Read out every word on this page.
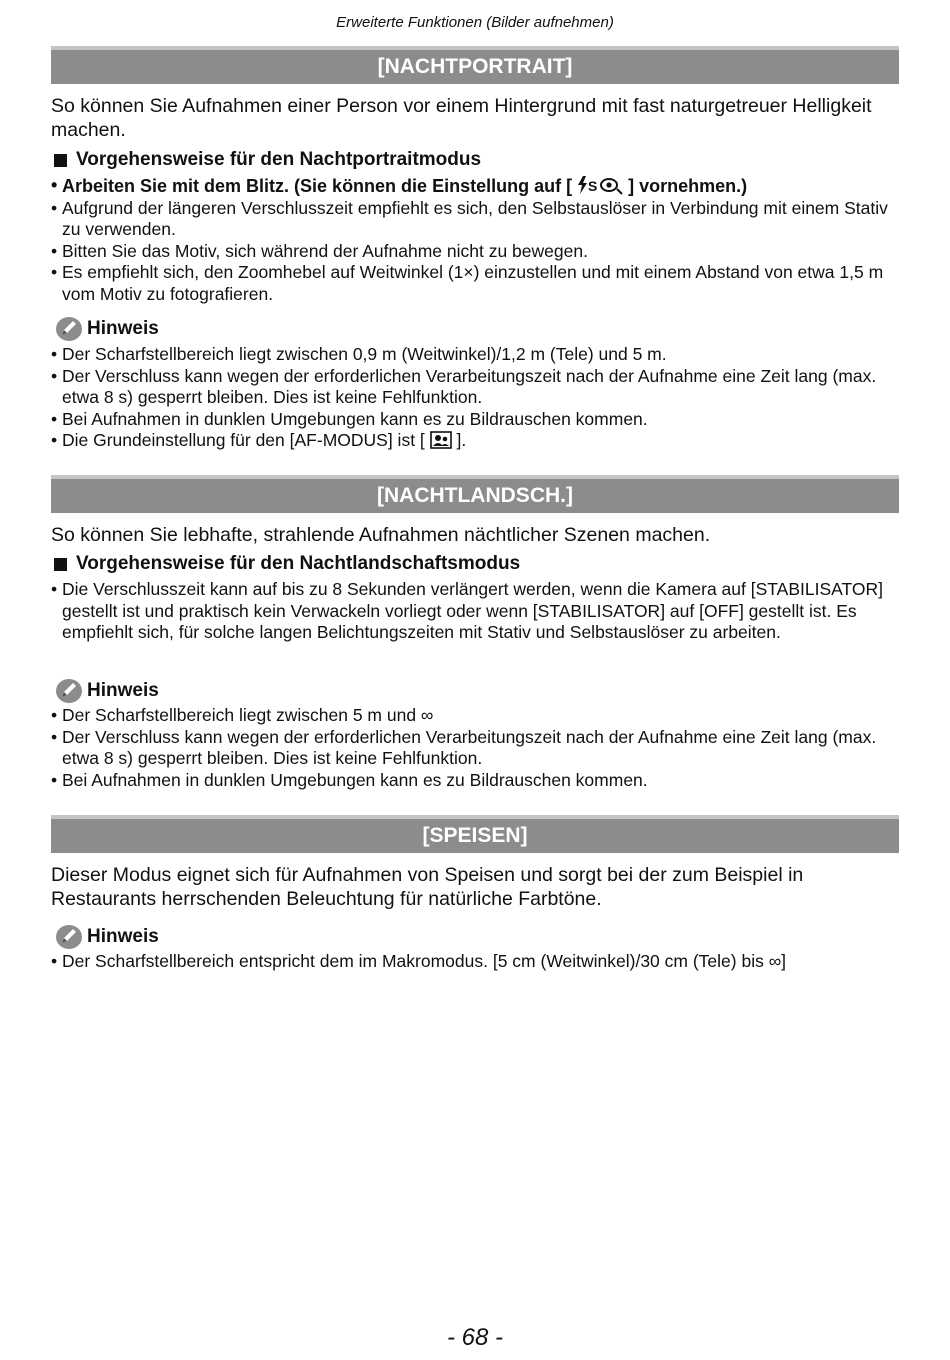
Erweiterte Funktionen (Bilder aufnehmen)
[NACHTPORTRAIT]
So können Sie Aufnahmen einer Person vor einem Hintergrund mit fast naturgetreuer Helligkeit machen.
Vorgehensweise für den Nachtportraitmodus
• Arbeiten Sie mit dem Blitz. (Sie können die Einstellung auf [ S ] vornehmen.)
• Aufgrund der längeren Verschlusszeit empfiehlt es sich, den Selbstauslöser in Verbindung mit einem Stativ zu verwenden.
• Bitten Sie das Motiv, sich während der Aufnahme nicht zu bewegen.
• Es empfiehlt sich, den Zoomhebel auf Weitwinkel (1×) einzustellen und mit einem Abstand von etwa 1,5 m vom Motiv zu fotografieren.
Hinweis
• Der Scharfstellbereich liegt zwischen 0,9 m (Weitwinkel)/1,2 m (Tele) und 5 m.
• Der Verschluss kann wegen der erforderlichen Verarbeitungszeit nach der Aufnahme eine Zeit lang (max. etwa 8 s) gesperrt bleiben. Dies ist keine Fehlfunktion.
• Bei Aufnahmen in dunklen Umgebungen kann es zu Bildrauschen kommen.
• Die Grundeinstellung für den [AF-MODUS] ist [ ].
[NACHTLANDSCH.]
So können Sie lebhafte, strahlende Aufnahmen nächtlicher Szenen machen.
Vorgehensweise für den Nachtlandschaftsmodus
• Die Verschlusszeit kann auf bis zu 8 Sekunden verlängert werden, wenn die Kamera auf [STABILISATOR] gestellt ist und praktisch kein Verwackeln vorliegt oder wenn [STABILISATOR] auf [OFF] gestellt ist. Es empfiehlt sich, für solche langen Belichtungszeiten mit Stativ und Selbstauslöser zu arbeiten.
Hinweis
• Der Scharfstellbereich liegt zwischen 5 m und ∞
• Der Verschluss kann wegen der erforderlichen Verarbeitungszeit nach der Aufnahme eine Zeit lang (max. etwa 8 s) gesperrt bleiben. Dies ist keine Fehlfunktion.
• Bei Aufnahmen in dunklen Umgebungen kann es zu Bildrauschen kommen.
[SPEISEN]
Dieser Modus eignet sich für Aufnahmen von Speisen und sorgt bei der zum Beispiel in Restaurants herrschenden Beleuchtung für natürliche Farbtöne.
Hinweis
• Der Scharfstellbereich entspricht dem im Makromodus. [5 cm (Weitwinkel)/30 cm (Tele) bis ∞]
- 68 -
